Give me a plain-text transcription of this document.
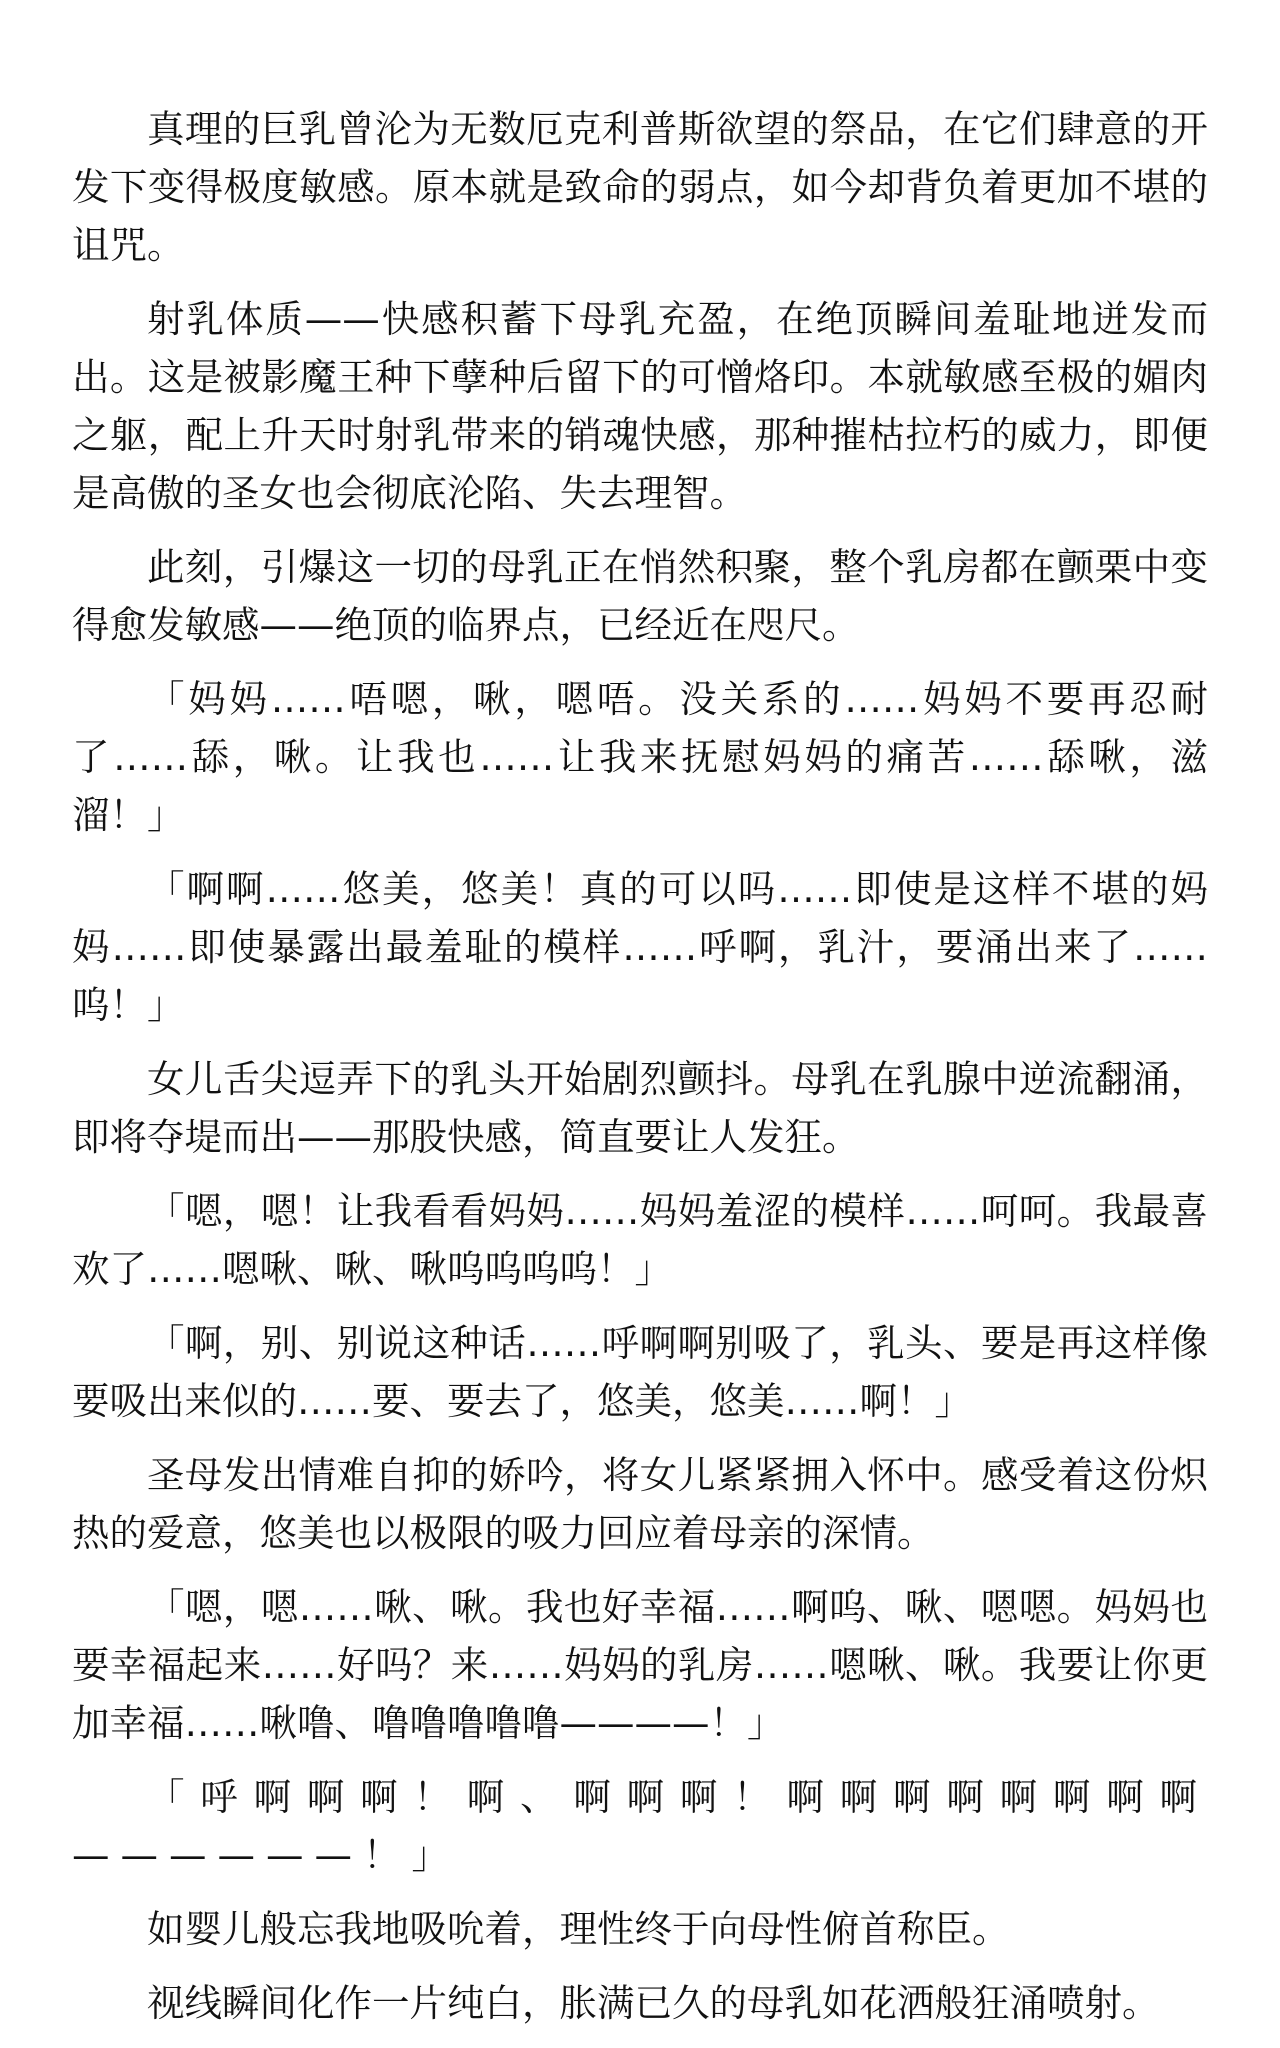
真理的巨乳曾沦为无数厄克利普斯欲望的祭品，在它们肆意的开发下变得极度敏感。原本就是致命的弱点，如今却背负着更加不堪的诅咒。

射乳体质——快感积蓄下母乳充盈，在绝顶瞬间羞耻地迸发而出。这是被影魔王种下孽种后留下的可憎烙印。本就敏感至极的媚肉之躯，配上升天时射乳带来的销魂快感，那种摧枯拉朽的威力，即便是高傲的圣女也会彻底沦陷、失去理智。

此刻，引爆这一切的母乳正在悄然积聚，整个乳房都在颤栗中变得愈发敏感——绝顶的临界点，已经近在咫尺。

「妈妈……唔嗯，啾，嗯唔。没关系的……妈妈不要再忍耐了……舔，啾。让我也……让我来抚慰妈妈的痛苦……舔啾，滋溜！」

「啊啊……悠美，悠美！真的可以吗……即使是这样不堪的妈妈……即使暴露出最羞耻的模样……呼啊，乳汁，要涌出来了……呜！」

女儿舌尖逗弄下的乳头开始剧烈颤抖。母乳在乳腺中逆流翻涌，即将夺堤而出——那股快感，简直要让人发狂。

「嗯，嗯！让我看看妈妈……妈妈羞涩的模样……呵呵。我最喜欢了……嗯啾、啾、啾呜呜呜呜！」

「啊，别、别说这种话……呼啊啊别吸了，乳头、要是再这样像要吸出来似的……要、要去了，悠美，悠美……啊！」

圣母发出情难自抑的娇吟，将女儿紧紧拥入怀中。感受着这份炽热的爱意，悠美也以极限的吸力回应着母亲的深情。

「嗯，嗯……啾、啾。我也好幸福……啊呜、啾、嗯嗯。妈妈也要幸福起来……好吗？来……妈妈的乳房……嗯啾、啾。我要让你更加幸福……啾噜、噜噜噜噜噜————！」

「呼啊啊啊！啊、啊啊啊！啊啊啊啊啊啊啊啊——————！」

如婴儿般忘我地吸吮着，理性终于向母性俯首称臣。

视线瞬间化作一片纯白，胀满已久的母乳如花洒般狂涌喷射。
